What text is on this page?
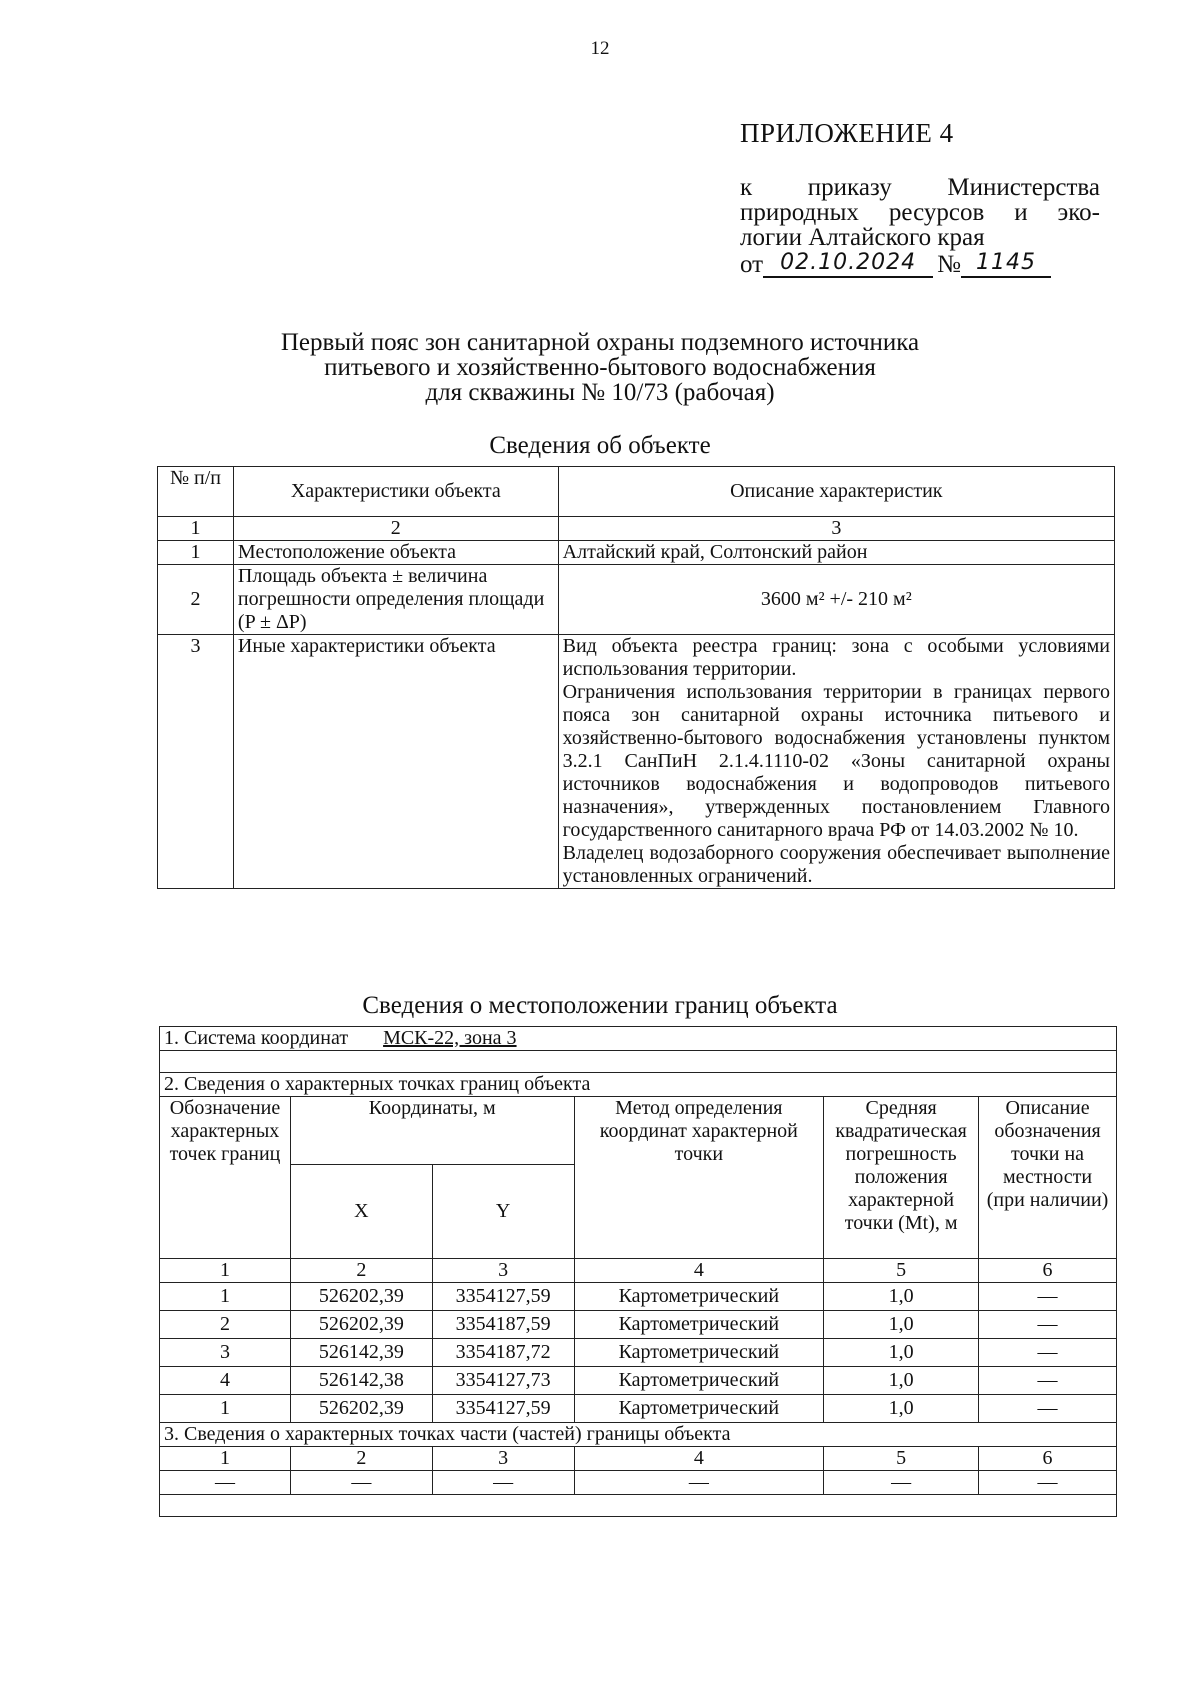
12
ПРИЛОЖЕНИЕ 4
к приказу Министерства
природных ресурсов и эко-
логии Алтайского края
от 02.10.2024 № 1145
Первый пояс зон санитарной охраны подземного источника
питьевого и хозяйственно-бытового водоснабжения
для скважины № 10/73 (рабочая)
Сведения об объекте
№ п/п	Характеристики объекта	Описание характеристик
1	2	3
1	Местоположение объекта	Алтайский край, Солтонский район
2	Площадь объекта ± величина погрешности определения площади (P ± ΔP)	3600 м² +/- 210 м²
3	Иные характеристики объекта	Вид объекта реестра границ: зона с особыми условиями использования территории.
Ограничения использования территории в границах первого пояса зон санитарной охраны источника питьевого и хозяйственно-бытового водоснабжения установлены пунктом 3.2.1 СанПиН 2.1.4.1110-02 «Зоны санитарной охраны источников водоснабжения и водопроводов питьевого назначения», утвержденных постановлением Главного государственного санитарного врача РФ от 14.03.2002 № 10.
Владелец водозаборного сооружения обеспечивает выполнение установленных ограничений.
Сведения о местоположении границ объекта
1. Система координат МСК-22, зона 3					

2. Сведения о характерных точках границ объекта					
Обозначение характерных точек границ	Координаты, м		Метод определения координат характерной точки	Средняя квадратическая погрешность положения характерной точки (Mt), м	Описание обозначения точки на местности (при наличии)
	X	Y			
1	2	3	4	5	6
1	526202,39	3354127,59	Картометрический	1,0	—
2	526202,39	3354187,59	Картометрический	1,0	—
3	526142,39	3354187,72	Картометрический	1,0	—
4	526142,38	3354127,73	Картометрический	1,0	—
1	526202,39	3354127,59	Картометрический	1,0	—
3. Сведения о характерных точках части (частей) границы объекта					
1	2	3	4	5	6
—	—	—	—	—	—
